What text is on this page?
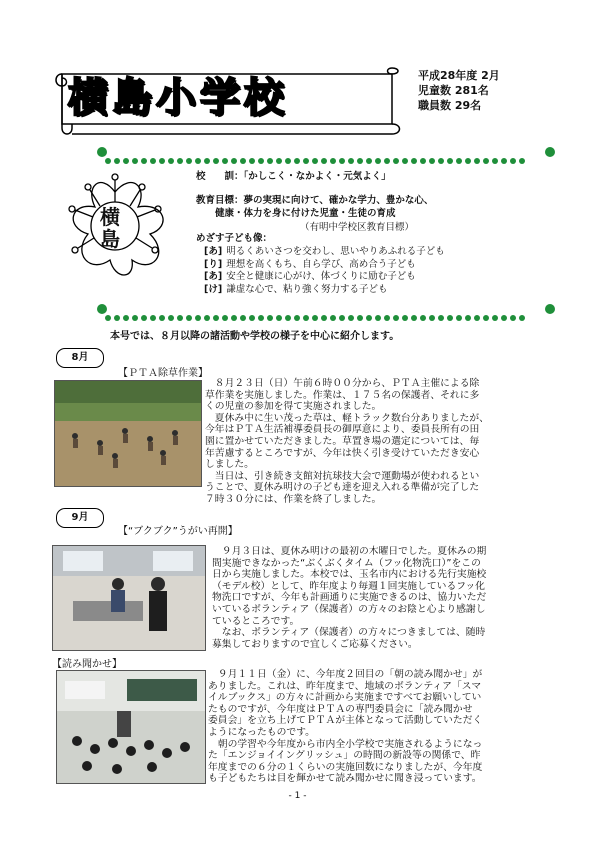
横島小学校	平成28年度 2月
児童数 281名
職員数 29名
横
島
校　　訓：「かしこく・なかよく・元気よく」
教育目標：夢の実現に向けて、確かな学力、豊かな心、
健康・体力を身に付けた児童・生徒の育成
（有明中学校区教育目標）
めざす子ども像：
[あ] 明るくあいさつを交わし、思いやりあふれる子ども
[り] 理想を高くもち、自ら学び、高め合う子ども
[あ] 安全と健康に心がけ、体づくりに励む子ども
[け] 謙虚な心で、粘り強く努力する子ども
本号では、８月以降の諸活動や学校の様子を中心に紹介します。
8月
【ＰＴＡ除草作業】
８月２３日（日）午前６時００分から、ＰＴＡ主催による除
草作業を実施しました。作業は、１７５名の保護者、それに多
くの児童の参加を得て実施されました。
夏休み中に生い茂った草は、軽トラック数台分ありましたが、
今年はＰＴＡ生活補導委員長の御厚意により、委員長所有の田
園に置かせていただきました。草置き場の選定については、毎
年苦慮するところですが、今年は快く引き受けていただき安心
しました。
当日は、引き続き支館対抗球技大会で運動場が使われるとい
うことで、夏休み明けの子ども達を迎え入れる準備が完了した
７時３０分には、作業を終了しました。
9月
【“ブクブク”うがい再開】
９月３日は、夏休み明けの最初の木曜日でした。夏休みの期
間実施できなかった“ぶくぶくタイム（フッ化物洗口）”をこの
日から実施しました。本校では、玉名市内における先行実施校
（モデル校）として、昨年度より毎週１回実施しているフッ化
物洗口ですが、今年も計画通りに実施できるのは、協力いただ
いているボランティア（保護者）の方々のお陰と心より感謝し
ているところです。
なお、ボランティア（保護者）の方々につきましては、随時
募集しておりますので宜しくご応募ください。
【読み聞かせ】
９月１１日（金）に、今年度２回目の「朝の読み聞かせ」が
ありました。これは、昨年度まで、地域のボランティア「スマ
イルブックス」の方々に計画から実施まですべてお願いしてい
たものですが、今年度はＰＴＡの専門委員会に「読み聞かせ
委員会」を立ち上げてＰＴＡが主体となって活動していただく
ようになったものです。
朝の学習や今年度から市内全小学校で実施されるようになっ
た「エンジョイイングリッシュ」の時間の新設等の関係で、昨
年度までの６分の１くらいの実施回数になりましたが、今年度
も子どもたちは目を輝かせて読み聞かせに聞き浸っています。
- 1 -
